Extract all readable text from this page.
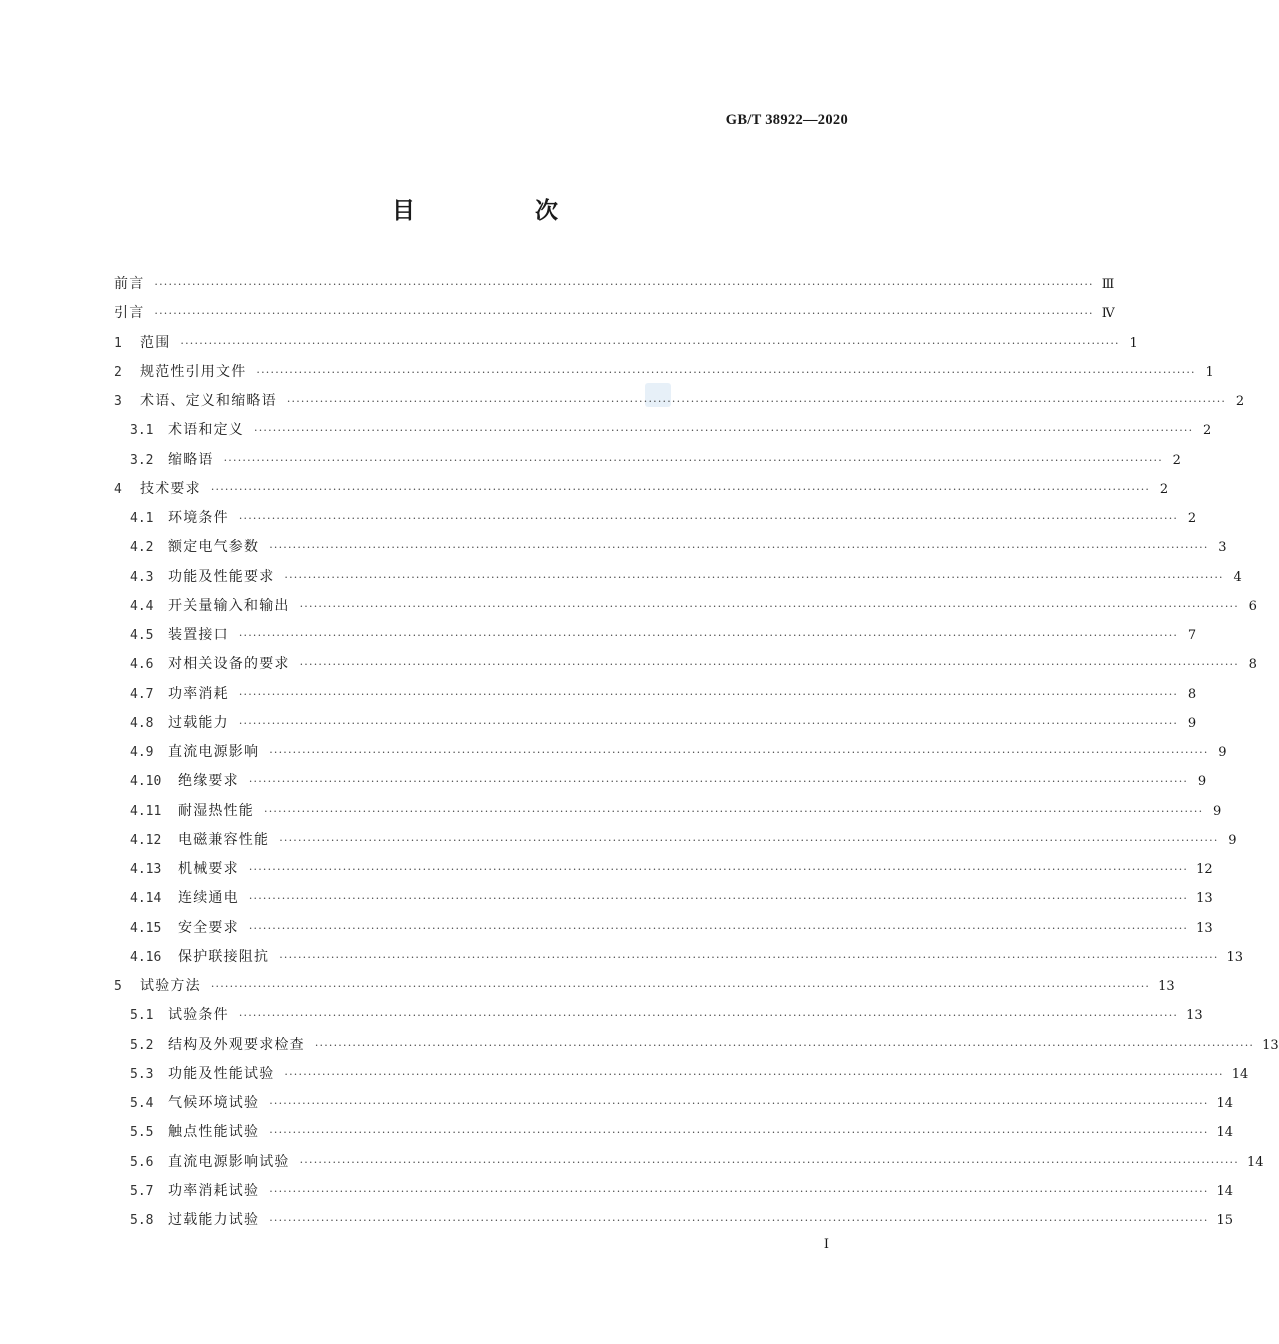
GB/T 38922—2020
目 次
前言 ········································································································································································································ Ⅲ
引言 ········································································································································································································ Ⅳ
1	范围 ········································································································································································································ 1
2	规范性引用文件 ········································································································································································································ 1
3	术语、定义和缩略语 ········································································································································································································ 2
3.1	术语和定义 ········································································································································································································ 2
3.2	缩略语 ········································································································································································································ 2
4	技术要求 ········································································································································································································ 2
4.1	环境条件 ········································································································································································································ 2
4.2	额定电气参数 ········································································································································································································ 3
4.3	功能及性能要求 ········································································································································································································ 4
4.4	开关量输入和输出 ········································································································································································································ 6
4.5	装置接口 ········································································································································································································ 7
4.6	对相关设备的要求 ········································································································································································································ 8
4.7	功率消耗 ········································································································································································································ 8
4.8	过载能力 ········································································································································································································ 9
4.9	直流电源影响 ········································································································································································································ 9
4.10	绝缘要求 ········································································································································································································ 9
4.11	耐湿热性能 ········································································································································································································ 9
4.12	电磁兼容性能 ········································································································································································································ 9
4.13	机械要求 ········································································································································································································ 12
4.14	连续通电 ········································································································································································································ 13
4.15	安全要求 ········································································································································································································ 13
4.16	保护联接阻抗 ········································································································································································································ 13
5	试验方法 ········································································································································································································ 13
5.1	试验条件 ········································································································································································································ 13
5.2	结构及外观要求检查 ········································································································································································································ 13
5.3	功能及性能试验 ········································································································································································································ 14
5.4	气候环境试验 ········································································································································································································ 14
5.5	触点性能试验 ········································································································································································································ 14
5.6	直流电源影响试验 ········································································································································································································ 14
5.7	功率消耗试验 ········································································································································································································ 14
5.8	过载能力试验 ········································································································································································································ 15
I
